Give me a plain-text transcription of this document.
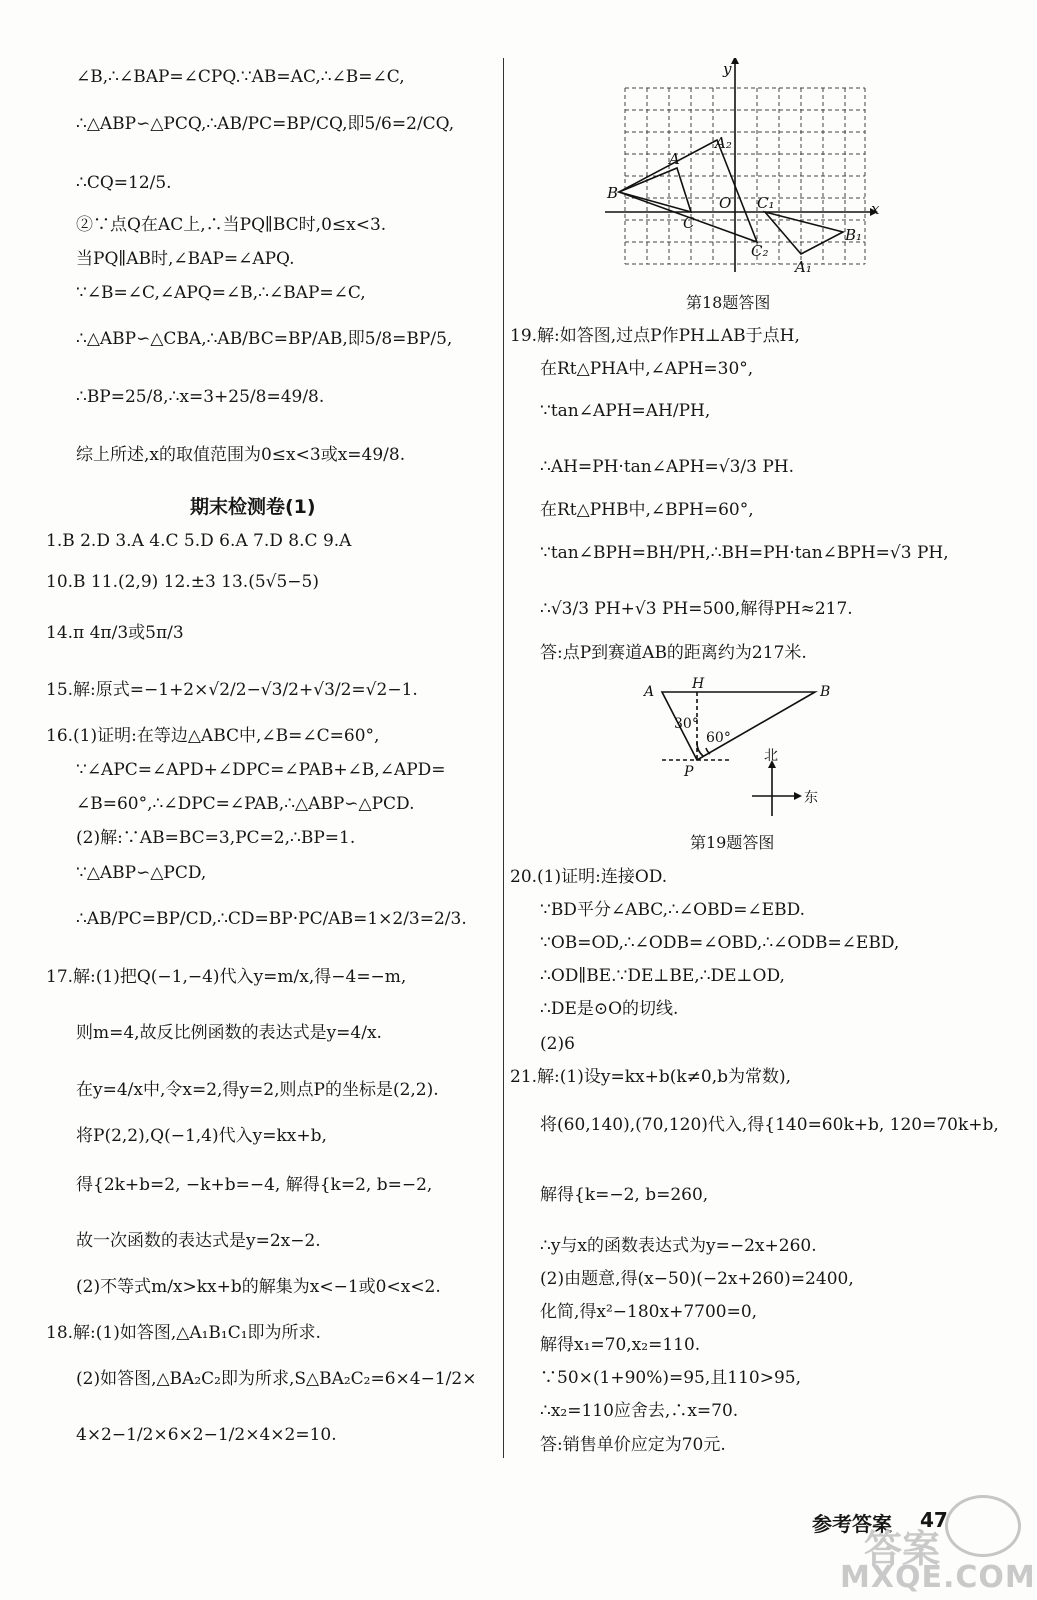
∠B,∴∠BAP=∠CPQ.∵AB=AC,∴∠B=∠C,
∴△ABP∽△PCQ,∴AB/PC=BP/CQ,即5/6=2/CQ,
∴CQ=12/5.
②∵点Q在AC上,∴当PQ∥BC时,0≤x<3.
当PQ∥AB时,∠BAP=∠APQ.
∵∠B=∠C,∠APQ=∠B,∴∠BAP=∠C,
∴△ABP∽△CBA,∴AB/BC=BP/AB,即5/8=BP/5,
∴BP=25/8,∴x=3+25/8=49/8.
综上所述,x的取值范围为0≤x<3或x=49/8.
期末检测卷(1)
1.B 2.D 3.A 4.C 5.D 6.A 7.D 8.C 9.A
10.B 11.(2,9) 12.±3 13.(5√5−5)
14.π 4π/3或5π/3
15.解:原式=−1+2×√2/2−√3/2+√3/2=√2−1.
16.(1)证明:在等边△ABC中,∠B=∠C=60°,
∵∠APC=∠APD+∠DPC=∠PAB+∠B,∠APD=
∠B=60°,∴∠DPC=∠PAB,∴△ABP∽△PCD.
(2)解:∵AB=BC=3,PC=2,∴BP=1.
∵△ABP∽△PCD,
∴AB/PC=BP/CD,∴CD=BP·PC/AB=1×2/3=2/3.
17.解:(1)把Q(−1,−4)代入y=m/x,得−4=−m,
则m=4,故反比例函数的表达式是y=4/x.
在y=4/x中,令x=2,得y=2,则点P的坐标是(2,2).
将P(2,2),Q(−1,4)代入y=kx+b,
得{2k+b=2, −k+b=−4, 解得{k=2, b=−2,
故一次函数的表达式是y=2x−2.
(2)不等式m/x>kx+b的解集为x<−1或0<x<2.
18.解:(1)如答图,△A₁B₁C₁即为所求.
(2)如答图,△BA₂C₂即为所求,S△BA₂C₂=6×4−1/2×
4×2−1/2×6×2−1/2×4×2=10.
y
x
O
A
A₂
B
C
C₁
C₂
B₁
A₁
第18题答图
19.解:如答图,过点P作PH⊥AB于点H,
在Rt△PHA中,∠APH=30°,
∵tan∠APH=AH/PH,
∴AH=PH·tan∠APH=√3/3 PH.
在Rt△PHB中,∠BPH=60°,
∵tan∠BPH=BH/PH,∴BH=PH·tan∠BPH=√3 PH,
∴√3/3 PH+√3 PH=500,解得PH≈217.
答:点P到赛道AB的距离约为217米.
A	H	B
P
30°
60°
北
东
第19题答图
20.(1)证明:连接OD.
∵BD平分∠ABC,∴∠OBD=∠EBD.
∵OB=OD,∴∠ODB=∠OBD,∴∠ODB=∠EBD,
∴OD∥BE.∵DE⊥BE,∴DE⊥OD,
∴DE是⊙O的切线.
(2)6
21.解:(1)设y=kx+b(k≠0,b为常数),
将(60,140),(70,120)代入,得{140=60k+b, 120=70k+b,
解得{k=−2, b=260,
∴y与x的函数表达式为y=−2x+260.
(2)由题意,得(x−50)(−2x+260)=2400,
化简,得x²−180x+7700=0,
解得x₁=70,x₂=110.
∵50×(1+90%)=95,且110>95,
∴x₂=110应舍去,∴x=70.
答:销售单价应定为70元.
参考答案 47
答案
MXQE.COM
